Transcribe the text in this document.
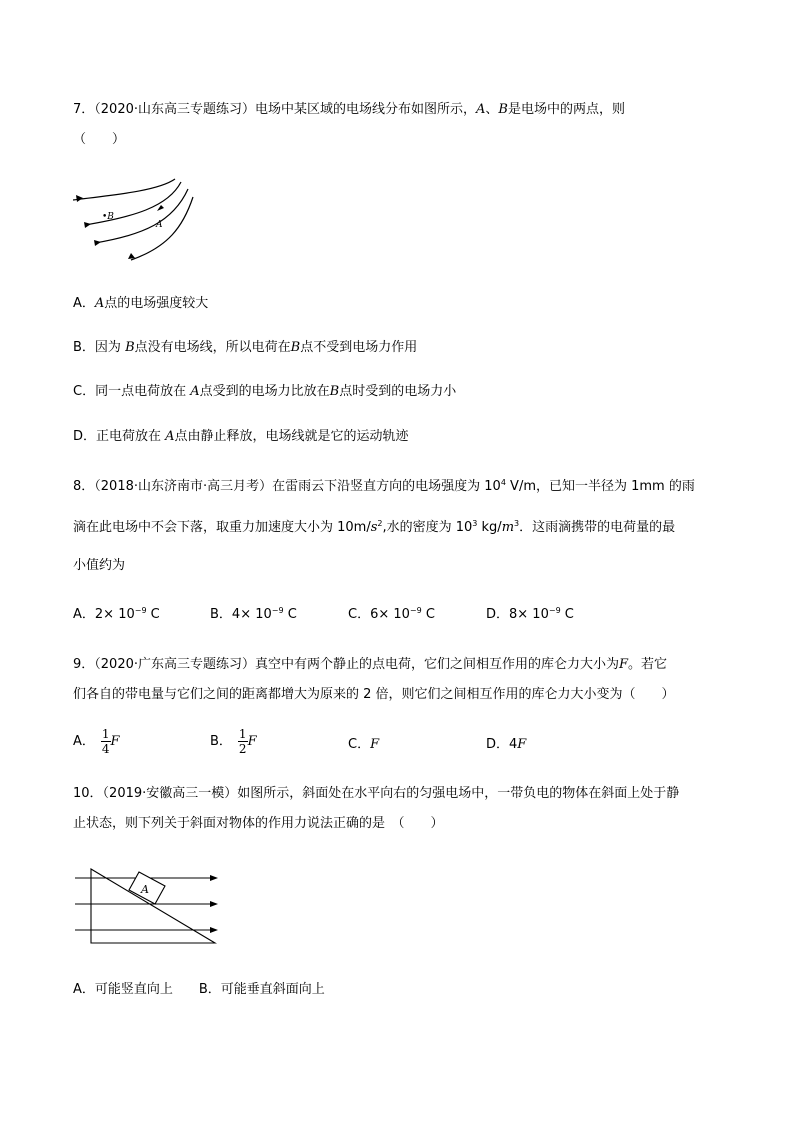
7．（2020·山东高三专题练习）电场中某区域的电场线分布如图所示，A、B是电场中的两点，则
（　　）
•B
A
A．A点的电场强度较大
B．因为 B点没有电场线，所以电荷在B点不受到电场力作用
C．同一点电荷放在 A点受到的电场力比放在B点时受到的电场力小
D．正电荷放在 A点由静止释放，电场线就是它的运动轨迹
8．（2018·山东济南市·高三月考）在雷雨云下沿竖直方向的电场强度为 $10^4$ V/m，已知一半径为 1mm 的雨
滴在此电场中不会下落，取重力加速度大小为 $10m/s^2$,水的密度为 $10^3$ $kg/m^3$．这雨滴携带的电荷量的最
小值约为
A．$2\times 10^{-9}$ C	B．$4\times 10^{-9}$ C	C．$6\times 10^{-9}$ C	D．$8\times 10^{-9}$ C
9．（2020·广东高三专题练习）真空中有两个静止的点电荷，它们之间相互作用的库仑力大小为F。若它
们各自的带电量与它们之间的距离都增大为原来的 2 倍，则它们之间相互作用的库仑力大小变为（　　）
A． $\frac{1}{4}$ F	B． $\frac{1}{2}$ F	C．F	D．4F
10．（2019·安徽高三一模）如图所示，斜面处在水平向右的匀强电场中，一带负电的物体在斜面上处于静
止状态，则下列关于斜面对物体的作用力说法正确的是　（　　）
A
A．可能竖直向上　　B．可能垂直斜面向上
